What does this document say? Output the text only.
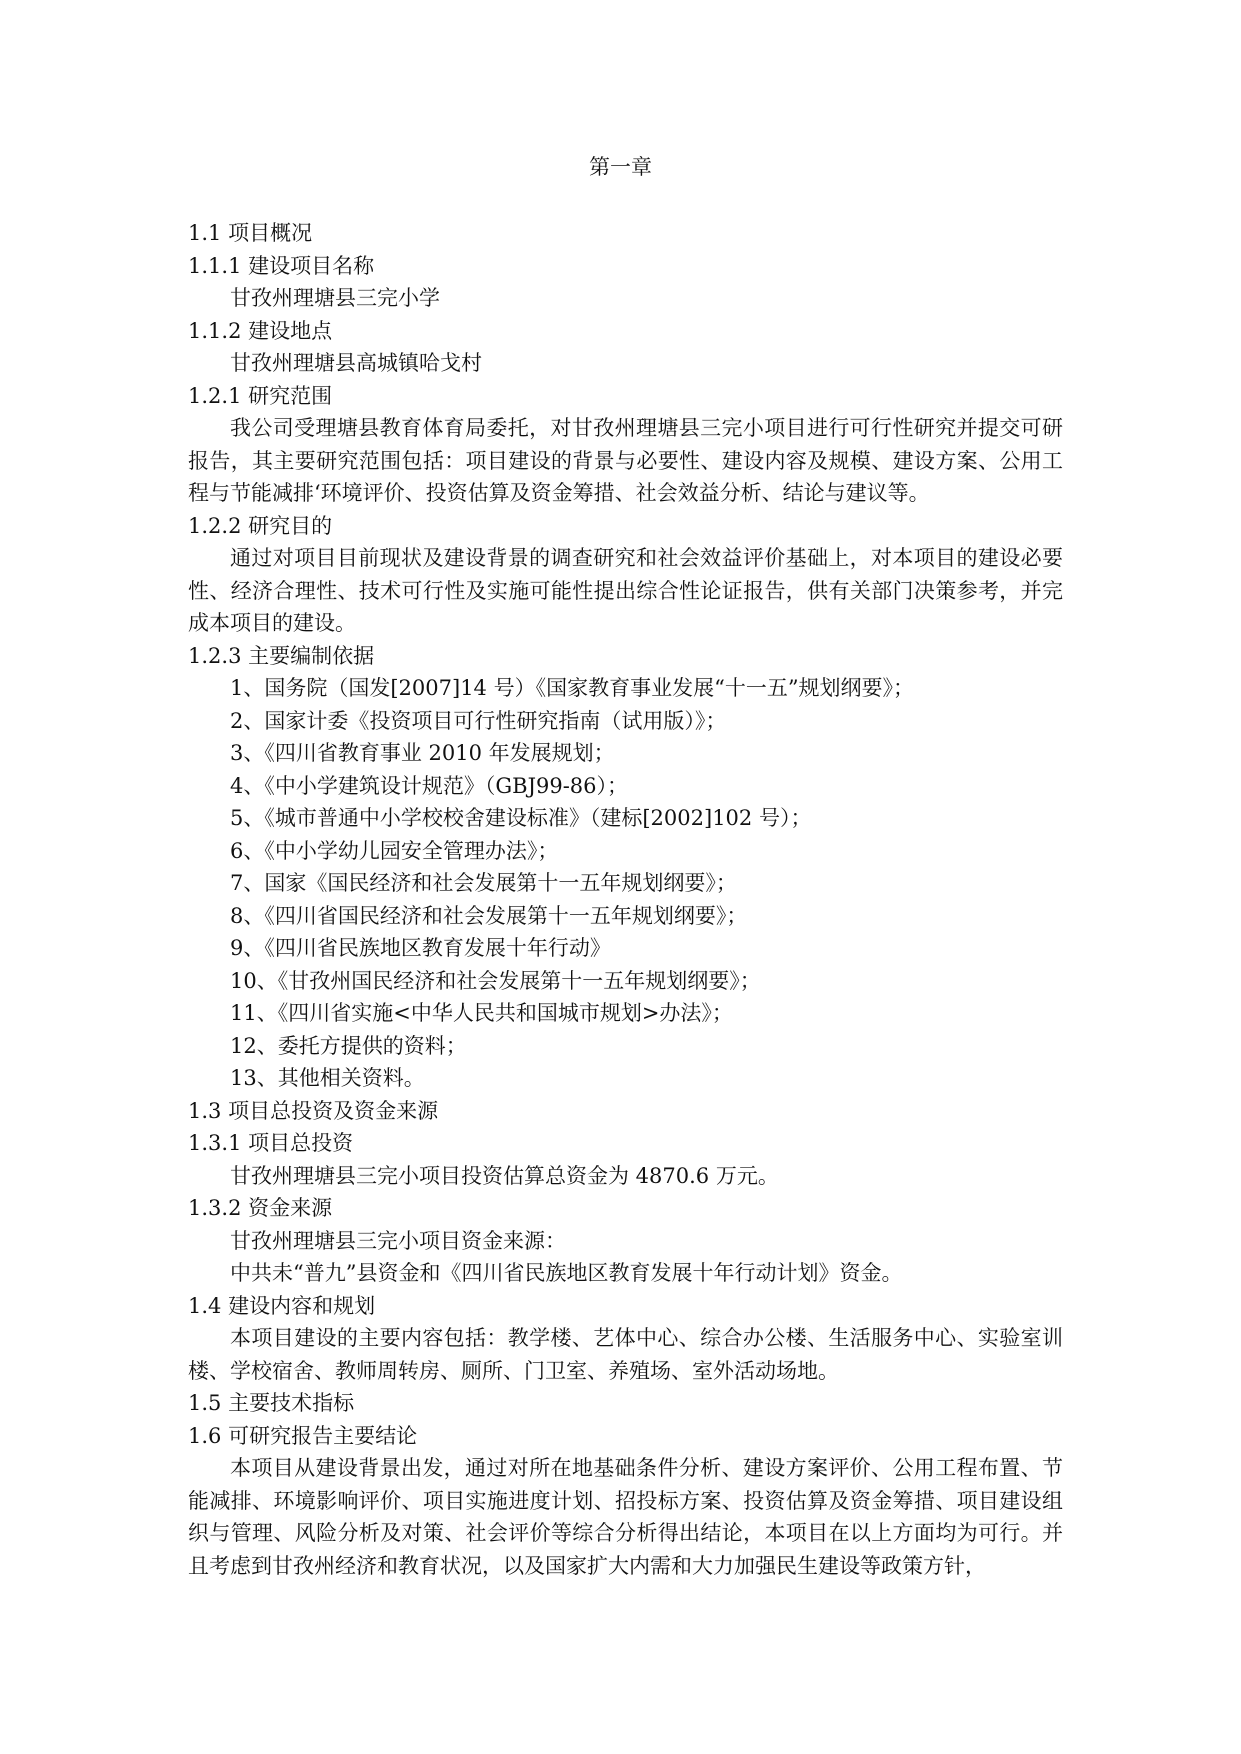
第一章

1.1 项目概况

1.1.1 建设项目名称

甘孜州理塘县三完小学

1.1.2 建设地点

甘孜州理塘县高城镇哈戈村

1.2.1 研究范围

我公司受理塘县教育体育局委托，对甘孜州理塘县三完小项目进行可行性研究并提交可研报告，其主要研究范围包括：项目建设的背景与必要性、建设内容及规模、建设方案、公用工程与节能减排‘环境评价、投资估算及资金筹措、社会效益分析、结论与建议等。

1.2.2 研究目的

通过对项目目前现状及建设背景的调查研究和社会效益评价基础上，对本项目的建设必要性、经济合理性、技术可行性及实施可能性提出综合性论证报告，供有关部门决策参考，并完成本项目的建设。

1.2.3 主要编制依据

1、国务院（国发[2007]14 号）《国家教育事业发展“十一五”规划纲要》；

2、国家计委《投资项目可行性研究指南（试用版）》；

3、《四川省教育事业 2010 年发展规划；

4、《中小学建筑设计规范》（GBJ99-86）；

5、《城市普通中小学校校舍建设标准》（建标[2002]102 号）；

6、《中小学幼儿园安全管理办法》；

7、国家《国民经济和社会发展第十一五年规划纲要》；

8、《四川省国民经济和社会发展第十一五年规划纲要》；

9、《四川省民族地区教育发展十年行动》

10、《甘孜州国民经济和社会发展第十一五年规划纲要》；

11、《四川省实施<中华人民共和国城市规划>办法》；

12、委托方提供的资料；

13、其他相关资料。

1.3 项目总投资及资金来源

1.3.1 项目总投资

甘孜州理塘县三完小项目投资估算总资金为 4870.6 万元。

1.3.2 资金来源

甘孜州理塘县三完小项目资金来源：

中共未“普九”县资金和《四川省民族地区教育发展十年行动计划》资金。

1.4 建设内容和规划

本项目建设的主要内容包括：教学楼、艺体中心、综合办公楼、生活服务中心、实验室训楼、学校宿舍、教师周转房、厕所、门卫室、养殖场、室外活动场地。

1.5 主要技术指标

1.6 可研究报告主要结论

本项目从建设背景出发，通过对所在地基础条件分析、建设方案评价、公用工程布置、节能减排、环境影响评价、项目实施进度计划、招投标方案、投资估算及资金筹措、项目建设组织与管理、风险分析及对策、社会评价等综合分析得出结论，本项目在以上方面均为可行。并且考虑到甘孜州经济和教育状况，以及国家扩大内需和大力加强民生建设等政策方针，
